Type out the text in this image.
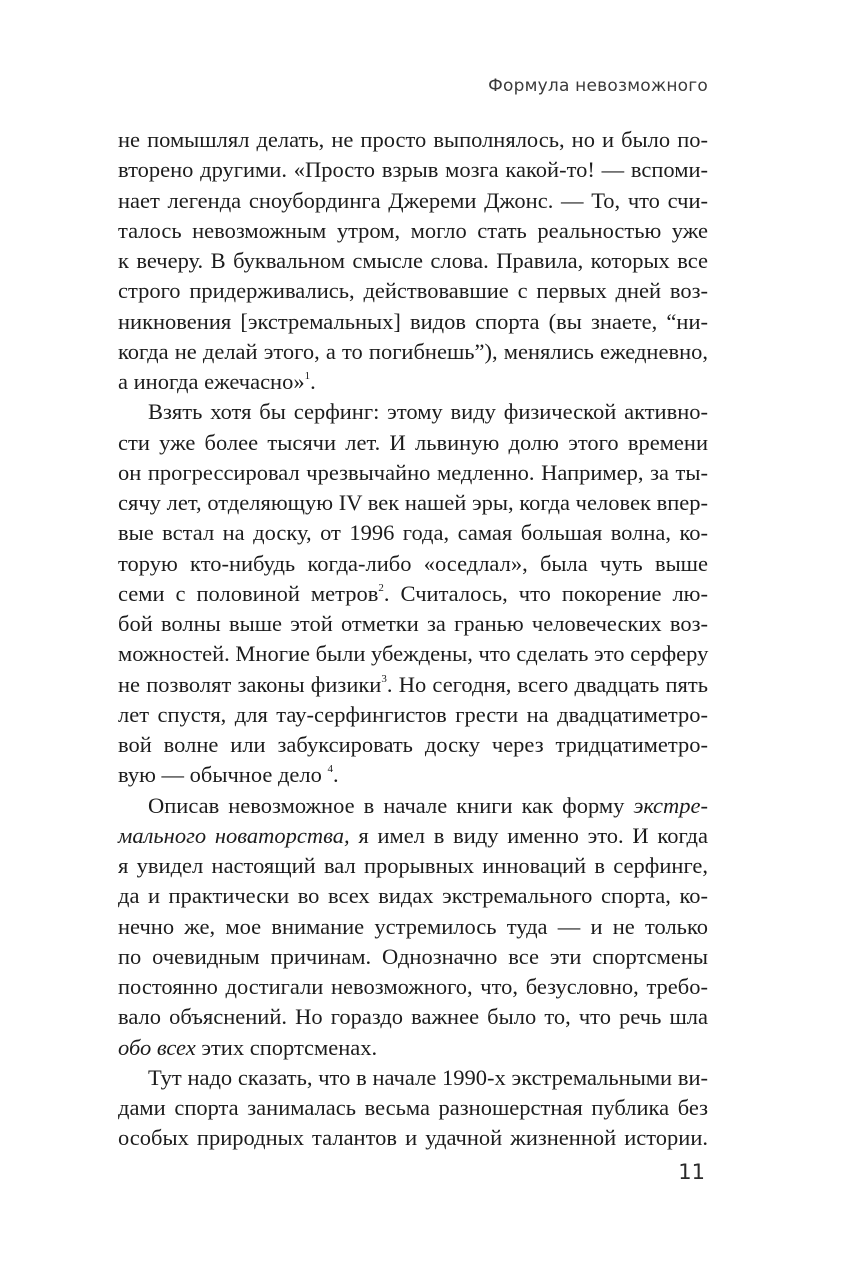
Формула невозможного
не помышлял делать, не просто выполнялось, но и было по-
вторено другими. «Просто взрыв мозга какой-то! — вспоми-
нает легенда сноубординга Джереми Джонс. — То, что счи-
талось невозможным утром, могло стать реальностью уже
к вечеру. В буквальном смысле слова. Правила, которых все
строго придерживались, действовавшие с первых дней воз-
никновения [экстремальных] видов спорта (вы знаете, “ни-
когда не делай этого, а то погибнешь”), менялись ежедневно,
а иногда ежечасно»$^1$.
Взять хотя бы серфинг: этому виду физической активно-
сти уже более тысячи лет. И львиную долю этого времени
он прогрессировал чрезвычайно медленно. Например, за ты-
сячу лет, отделяющую IV век нашей эры, когда человек впер-
вые встал на доску, от 1996 года, самая большая волна, ко-
торую кто-нибудь когда-либо «оседлал», была чуть выше
семи с половиной метров$^2$. Считалось, что покорение лю-
бой волны выше этой отметки за гранью человеческих воз-
можностей. Многие были убеждены, что сделать это серферу
не позволят законы физики$^3$. Но сегодня, всего двадцать пять
лет спустя, для тау-серфингистов грести на двадцатиметро-
вой волне или забуксировать доску через тридцатиметро-
вую — обычное дело $^4$.
Описав невозможное в начале книги как форму экстре-
мального новаторства, я имел в виду именно это. И когда
я увидел настоящий вал прорывных инноваций в серфинге,
да и практически во всех видах экстремального спорта, ко-
нечно же, мое внимание устремилось туда — и не только
по очевидным причинам. Однозначно все эти спортсмены
постоянно достигали невозможного, что, безусловно, требо-
вало объяснений. Но гораздо важнее было то, что речь шла
обо всех этих спортсменах.
Тут надо сказать, что в начале 1990-х экстремальными ви-
дами спорта занималась весьма разношерстная публика без
особых природных талантов и удачной жизненной истории.
11
